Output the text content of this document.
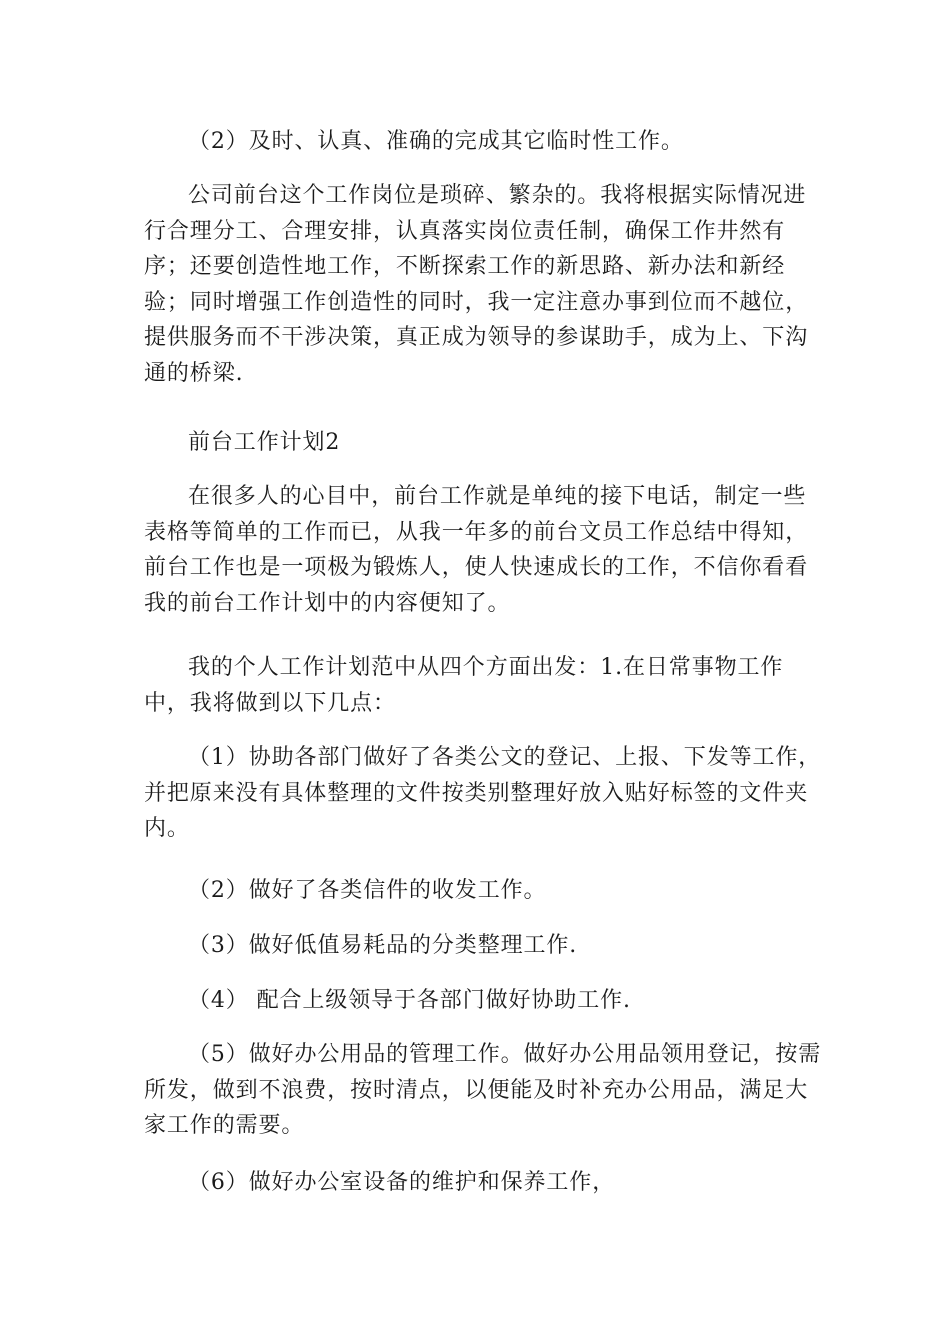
（2）及时、认真、准确的完成其它临时性工作。

公司前台这个工作岗位是琐碎、繁杂的。我将根据实际情况进行合理分工、合理安排，认真落实岗位责任制，确保工作井然有序；还要创造性地工作，不断探索工作的新思路、新办法和新经验；同时增强工作创造性的同时，我一定注意办事到位而不越位，提供服务而不干涉决策，真正成为领导的参谋助手，成为上、下沟通的桥梁.

前台工作计划2

在很多人的心目中，前台工作就是单纯的接下电话，制定一些表格等简单的工作而已，从我一年多的前台文员工作总结中得知，前台工作也是一项极为锻炼人，使人快速成长的工作，不信你看看我的前台工作计划中的内容便知了。

我的个人工作计划范中从四个方面出发：1.在日常事物工作中，我将做到以下几点：

（1）协助各部门做好了各类公文的登记、上报、下发等工作，并把原来没有具体整理的文件按类别整理好放入贴好标签的文件夹内。

（2）做好了各类信件的收发工作。

（3）做好低值易耗品的分类整理工作.

（4） 配合上级领导于各部门做好协助工作.

（5）做好办公用品的管理工作。做好办公用品领用登记，按需所发，做到不浪费，按时清点，以便能及时补充办公用品，满足大家工作的需要。

（6）做好办公室设备的维护和保养工作，
